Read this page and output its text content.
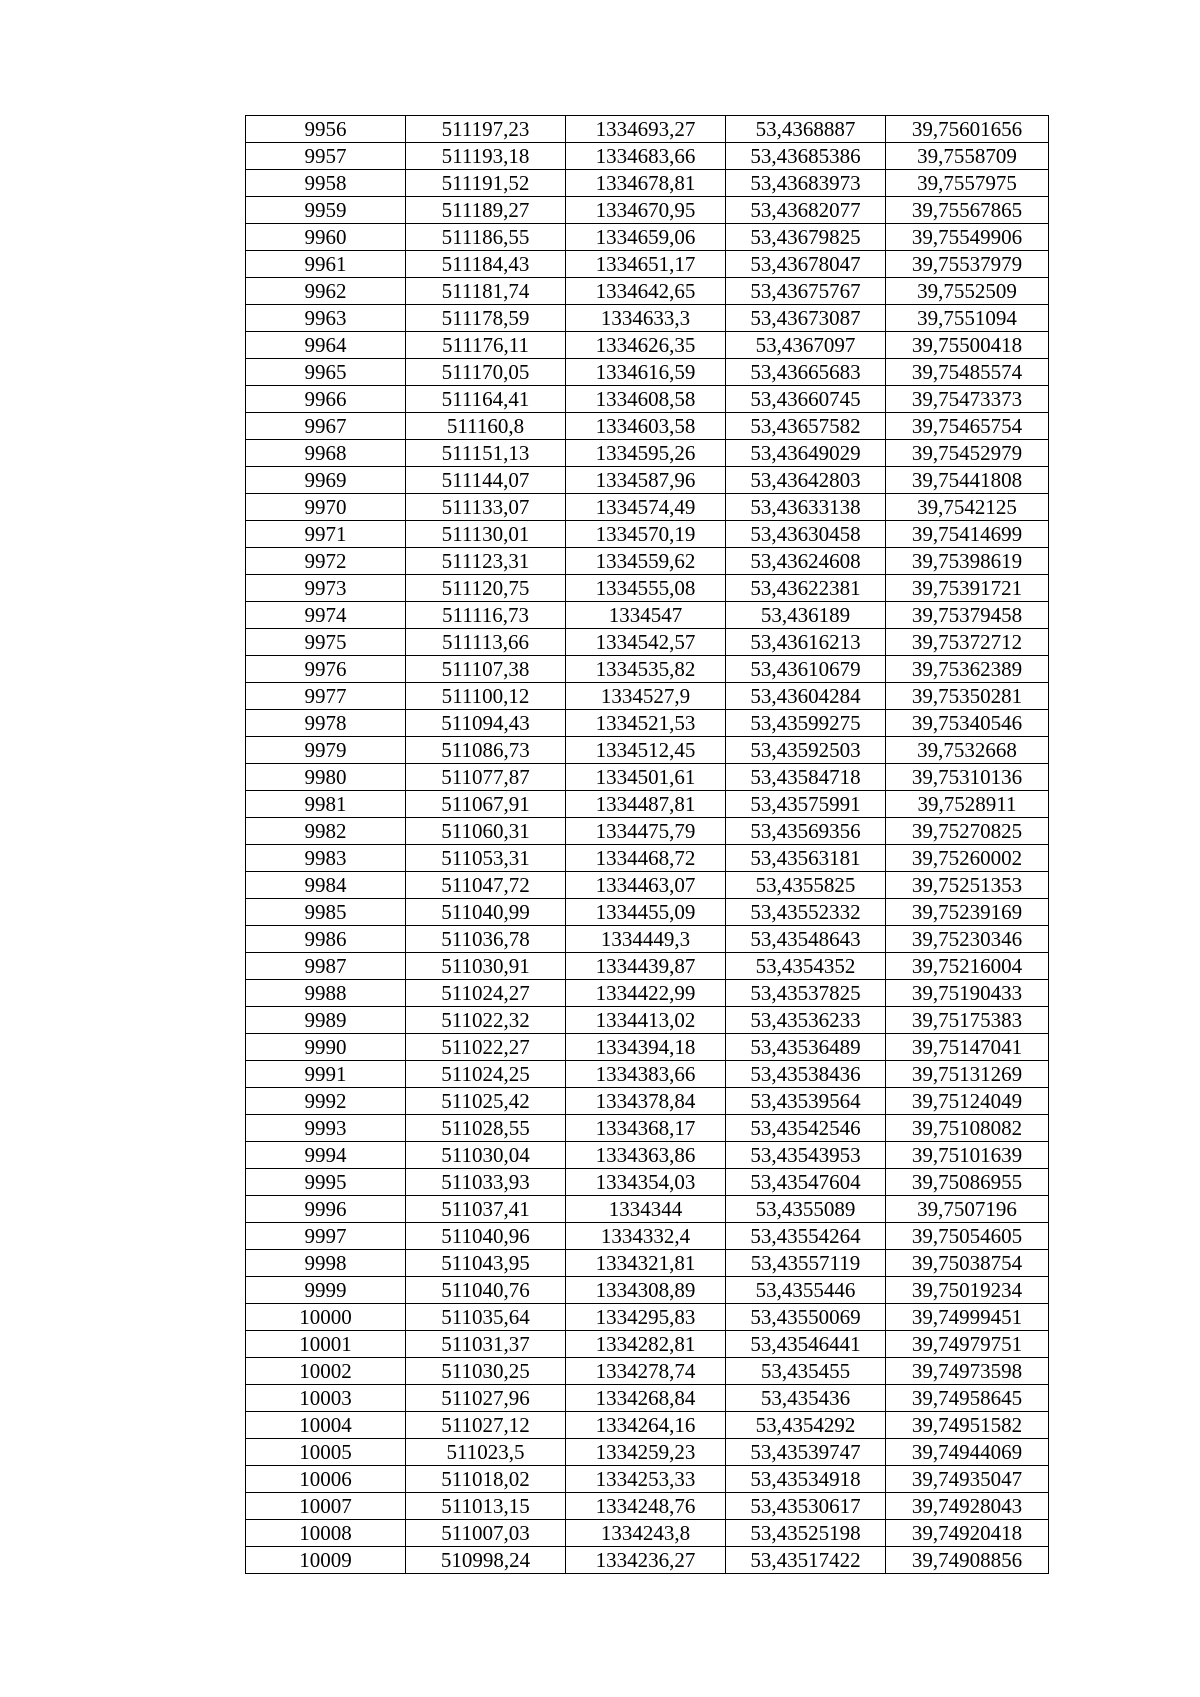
9956	511197,23	1334693,27	53,4368887	39,75601656
9957	511193,18	1334683,66	53,43685386	39,7558709
9958	511191,52	1334678,81	53,43683973	39,7557975
9959	511189,27	1334670,95	53,43682077	39,75567865
9960	511186,55	1334659,06	53,43679825	39,75549906
9961	511184,43	1334651,17	53,43678047	39,75537979
9962	511181,74	1334642,65	53,43675767	39,7552509
9963	511178,59	1334633,3	53,43673087	39,7551094
9964	511176,11	1334626,35	53,4367097	39,75500418
9965	511170,05	1334616,59	53,43665683	39,75485574
9966	511164,41	1334608,58	53,43660745	39,75473373
9967	511160,8	1334603,58	53,43657582	39,75465754
9968	511151,13	1334595,26	53,43649029	39,75452979
9969	511144,07	1334587,96	53,43642803	39,75441808
9970	511133,07	1334574,49	53,43633138	39,7542125
9971	511130,01	1334570,19	53,43630458	39,75414699
9972	511123,31	1334559,62	53,43624608	39,75398619
9973	511120,75	1334555,08	53,43622381	39,75391721
9974	511116,73	1334547	53,436189	39,75379458
9975	511113,66	1334542,57	53,43616213	39,75372712
9976	511107,38	1334535,82	53,43610679	39,75362389
9977	511100,12	1334527,9	53,43604284	39,75350281
9978	511094,43	1334521,53	53,43599275	39,75340546
9979	511086,73	1334512,45	53,43592503	39,7532668
9980	511077,87	1334501,61	53,43584718	39,75310136
9981	511067,91	1334487,81	53,43575991	39,7528911
9982	511060,31	1334475,79	53,43569356	39,75270825
9983	511053,31	1334468,72	53,43563181	39,75260002
9984	511047,72	1334463,07	53,4355825	39,75251353
9985	511040,99	1334455,09	53,43552332	39,75239169
9986	511036,78	1334449,3	53,43548643	39,75230346
9987	511030,91	1334439,87	53,4354352	39,75216004
9988	511024,27	1334422,99	53,43537825	39,75190433
9989	511022,32	1334413,02	53,43536233	39,75175383
9990	511022,27	1334394,18	53,43536489	39,75147041
9991	511024,25	1334383,66	53,43538436	39,75131269
9992	511025,42	1334378,84	53,43539564	39,75124049
9993	511028,55	1334368,17	53,43542546	39,75108082
9994	511030,04	1334363,86	53,43543953	39,75101639
9995	511033,93	1334354,03	53,43547604	39,75086955
9996	511037,41	1334344	53,4355089	39,7507196
9997	511040,96	1334332,4	53,43554264	39,75054605
9998	511043,95	1334321,81	53,43557119	39,75038754
9999	511040,76	1334308,89	53,4355446	39,75019234
10000	511035,64	1334295,83	53,43550069	39,74999451
10001	511031,37	1334282,81	53,43546441	39,74979751
10002	511030,25	1334278,74	53,435455	39,74973598
10003	511027,96	1334268,84	53,435436	39,74958645
10004	511027,12	1334264,16	53,4354292	39,74951582
10005	511023,5	1334259,23	53,43539747	39,74944069
10006	511018,02	1334253,33	53,43534918	39,74935047
10007	511013,15	1334248,76	53,43530617	39,74928043
10008	511007,03	1334243,8	53,43525198	39,74920418
10009	510998,24	1334236,27	53,43517422	39,74908856
